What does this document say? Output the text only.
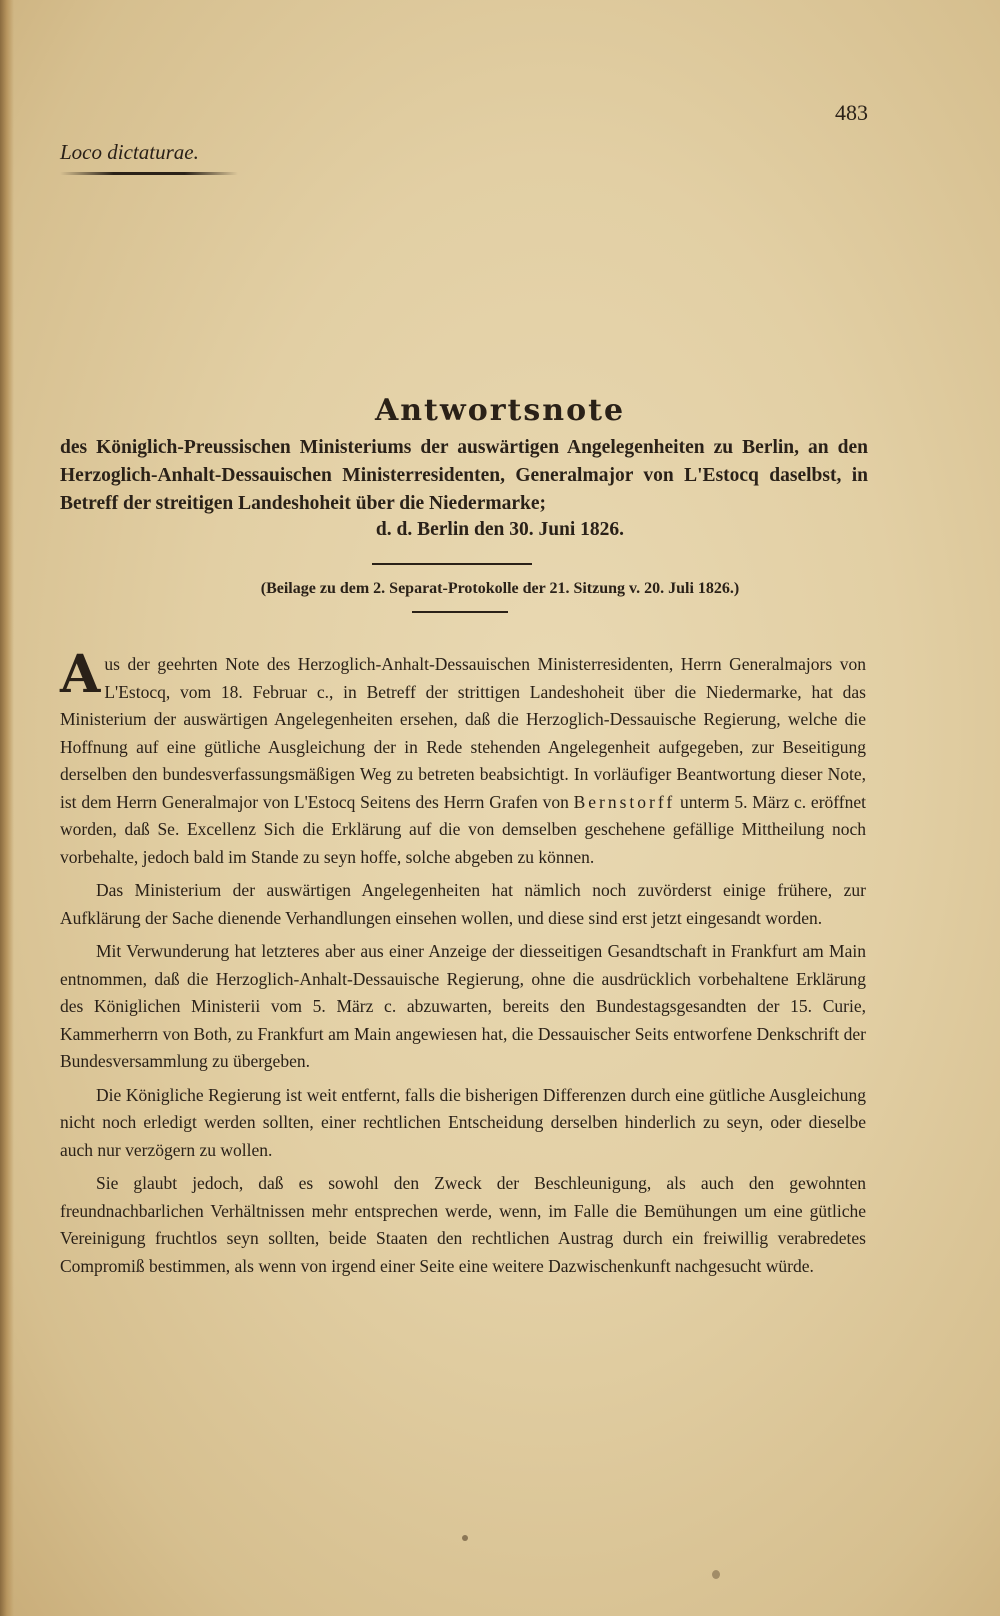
483
Loco dictaturae.
Antwortsnote
des Königlich-Preussischen Ministeriums der auswärtigen Angelegenheiten zu Berlin, an den Herzoglich-Anhalt-Dessauischen Ministerresidenten, Generalmajor von L'Estocq daselbst, in Betreff der streitigen Landeshoheit über die Niedermarke;
d. d. Berlin den 30. Juni 1826.
(Beilage zu dem 2. Separat-Protokolle der 21. Sitzung v. 20. Juli 1826.)

Aus der geehrten Note des Herzoglich-Anhalt-Dessauischen Ministerresidenten, Herrn Generalmajors von L'Estocq, vom 18. Februar c., in Betreff der strittigen Landeshoheit über die Niedermarke, hat das Ministerium der auswärtigen Angelegenheiten ersehen, daß die Herzoglich-Dessauische Regierung, welche die Hoffnung auf eine gütliche Ausgleichung der in Rede stehenden Angelegenheit aufgegeben, zur Beseitigung derselben den bundesverfassungsmäßigen Weg zu betreten beabsichtigt. In vorläufiger Beantwortung dieser Note, ist dem Herrn Generalmajor von L'Estocq Seitens des Herrn Grafen von Bernstorff unterm 5. März c. eröffnet worden, daß Se. Excellenz Sich die Erklärung auf die von demselben geschehene gefällige Mittheilung noch vorbehalte, jedoch bald im Stande zu seyn hoffe, solche abgeben zu können.

Das Ministerium der auswärtigen Angelegenheiten hat nämlich noch zuvörderst einige frühere, zur Aufklärung der Sache dienende Verhandlungen einsehen wollen, und diese sind erst jetzt eingesandt worden.

Mit Verwunderung hat letzteres aber aus einer Anzeige der diesseitigen Gesandtschaft in Frankfurt am Main entnommen, daß die Herzoglich-Anhalt-Dessauische Regierung, ohne die ausdrücklich vorbehaltene Erklärung des Königlichen Ministerii vom 5. März c. abzuwarten, bereits den Bundestagsgesandten der 15. Curie, Kammerherrn von Both, zu Frankfurt am Main angewiesen hat, die Dessauischer Seits entworfene Denkschrift der Bundesversammlung zu übergeben.

Die Königliche Regierung ist weit entfernt, falls die bisherigen Differenzen durch eine gütliche Ausgleichung nicht noch erledigt werden sollten, einer rechtlichen Entscheidung derselben hinderlich zu seyn, oder dieselbe auch nur verzögern zu wollen.

Sie glaubt jedoch, daß es sowohl den Zweck der Beschleunigung, als auch den gewohnten freundnachbarlichen Verhältnissen mehr entsprechen werde, wenn, im Falle die Bemühungen um eine gütliche Vereinigung fruchtlos seyn sollten, beide Staaten den rechtlichen Austrag durch ein freiwillig verabredetes Compromiß bestimmen, als wenn von irgend einer Seite eine weitere Dazwischenkunft nachgesucht würde.
